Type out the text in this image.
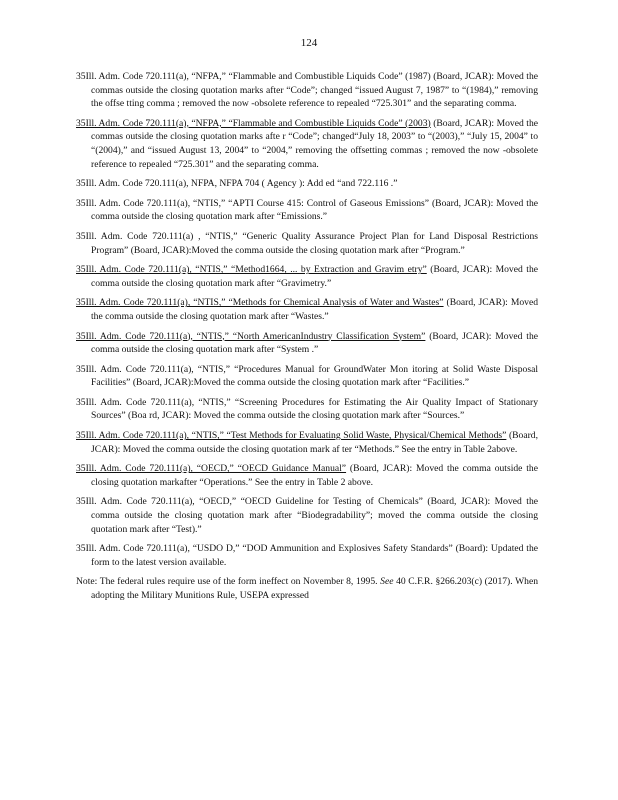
124
35Ill. Adm. Code 720.111(a), “NFPA,” “Flammable and Combustible Liquids Code” (1987) (Board, JCAR): Moved the commas outside the closing quotation marks after “Code”; changed “issued August 7, 1987” to “(1984),” removing the offse tting comma ; removed the now -obsolete reference to repealed “725.301” and the separating comma.
35Ill. Adm. Code 720.111(a), “NFPA,” “Flammable and Combustible Liquids Code” (2003) (Board, JCAR): Moved the commas outside the closing quotation marks afte r “Code”; changed“July 18, 2003” to “(2003),” “July 15, 2004” to “(2004),” and “issued August 13, 2004” to “2004,” removing the offsetting commas ; removed the now -obsolete reference to repealed “725.301” and the separating comma.
35Ill. Adm. Code 720.111(a), NFPA, NFPA 704 ( Agency ): Add ed “and 722.116 .”
35Ill. Adm. Code 720.111(a), “NTIS,” “APTI Course 415: Control of Gaseous Emissions” (Board, JCAR): Moved the comma outside the closing quotation mark after “Emissions.”
35Ill. Adm. Code 720.111(a) , “NTIS,” “Generic Quality Assurance Project Plan for Land Disposal Restrictions Program” (Board, JCAR):Moved the comma outside the closing quotation mark after “Program.”
35Ill. Adm. Code 720.111(a), “NTIS,” “Method1664, ... by Extraction and Gravim etry” (Board, JCAR): Moved the comma outside the closing quotation mark after “Gravimetry.”
35Ill. Adm. Code 720.111(a), “NTIS,” “Methods for Chemical Analysis of Water and Wastes” (Board, JCAR): Moved the comma outside the closing quotation mark after “Wastes.”
35Ill. Adm. Code 720.111(a), “NTIS,” “North AmericanIndustry Classification System” (Board, JCAR): Moved the comma outside the closing quotation mark after “System .”
35Ill. Adm. Code 720.111(a), “NTIS,” “Procedures Manual for GroundWater Mon itoring at Solid Waste Disposal Facilities” (Board, JCAR):Moved the comma outside the closing quotation mark after “Facilities.”
35Ill. Adm. Code 720.111(a), “NTIS,” “Screening Procedures for Estimating the Air Quality Impact of Stationary Sources” (Boa rd, JCAR): Moved the comma outside the closing quotation mark after “Sources.”
35Ill. Adm. Code 720.111(a), “NTIS,” “Test Methods for Evaluating Solid Waste, Physical/Chemical Methods” (Board, JCAR): Moved the comma outside the closing quotation mark af ter “Methods.” See the entry in Table 2above.
35Ill. Adm. Code 720.111(a), “OECD,” “OECD Guidance Manual” (Board, JCAR): Moved the comma outside the closing quotation markafter “Operations.” See the entry in Table 2 above.
35Ill. Adm. Code 720.111(a), “OECD,” “OECD Guideline for Testing of Chemicals” (Board, JCAR): Moved the comma outside the closing quotation mark after “Biodegradability”; moved the comma outside the closing quotation mark after “Test).”
35Ill. Adm. Code 720.111(a), “USDO D,” “DOD Ammunition and Explosives Safety Standards” (Board): Updated the form to the latest version available.
Note: The federal rules require use of the form ineffect on November 8, 1995. See 40 C.F.R. §266.203(c) (2017). When adopting the Military Munitions Rule, USEPA expressed
